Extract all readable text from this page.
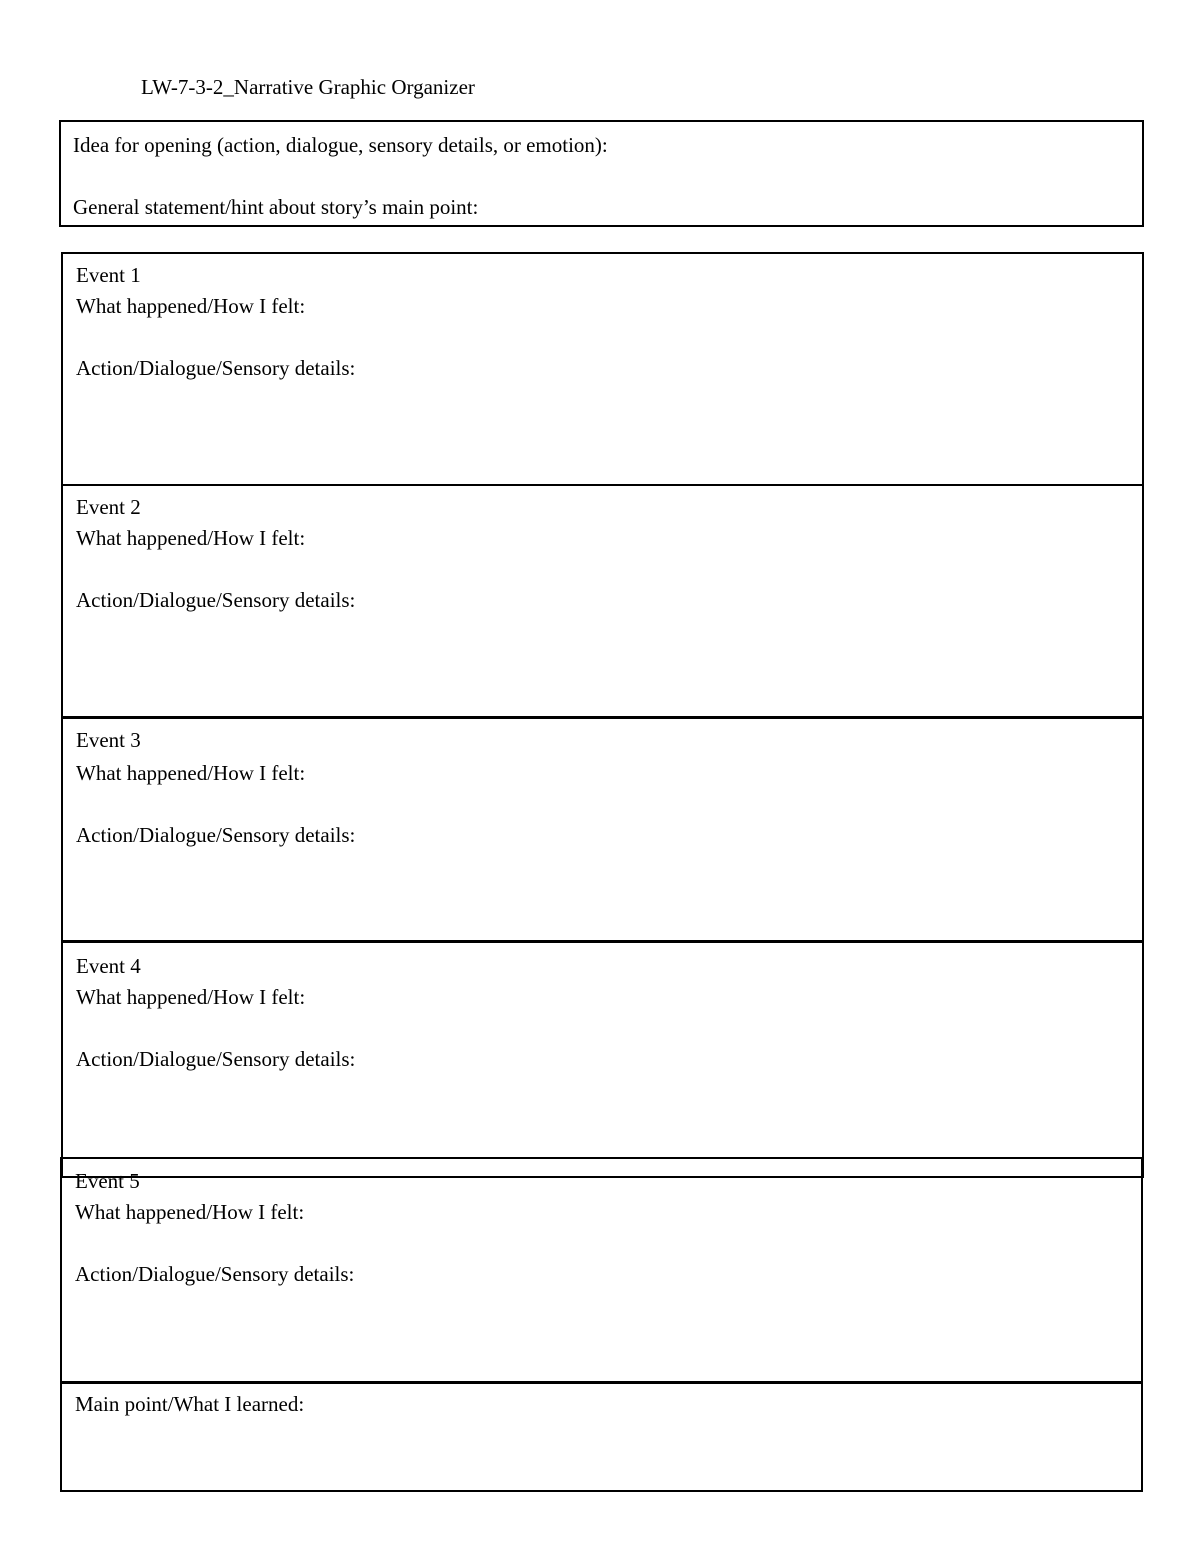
LW-7-3-2_Narrative Graphic Organizer
Idea for opening (action, dialogue, sensory details, or emotion):
General statement/hint about story’s main point:
Event 1
What happened/How I felt:
Action/Dialogue/Sensory details:
Event 2
What happened/How I felt:
Action/Dialogue/Sensory details:
Event 3
What happened/How I felt:
Action/Dialogue/Sensory details:
Event 4
What happened/How I felt:
Action/Dialogue/Sensory details:
Event 5
What happened/How I felt:
Action/Dialogue/Sensory details:
Main point/What I learned:
